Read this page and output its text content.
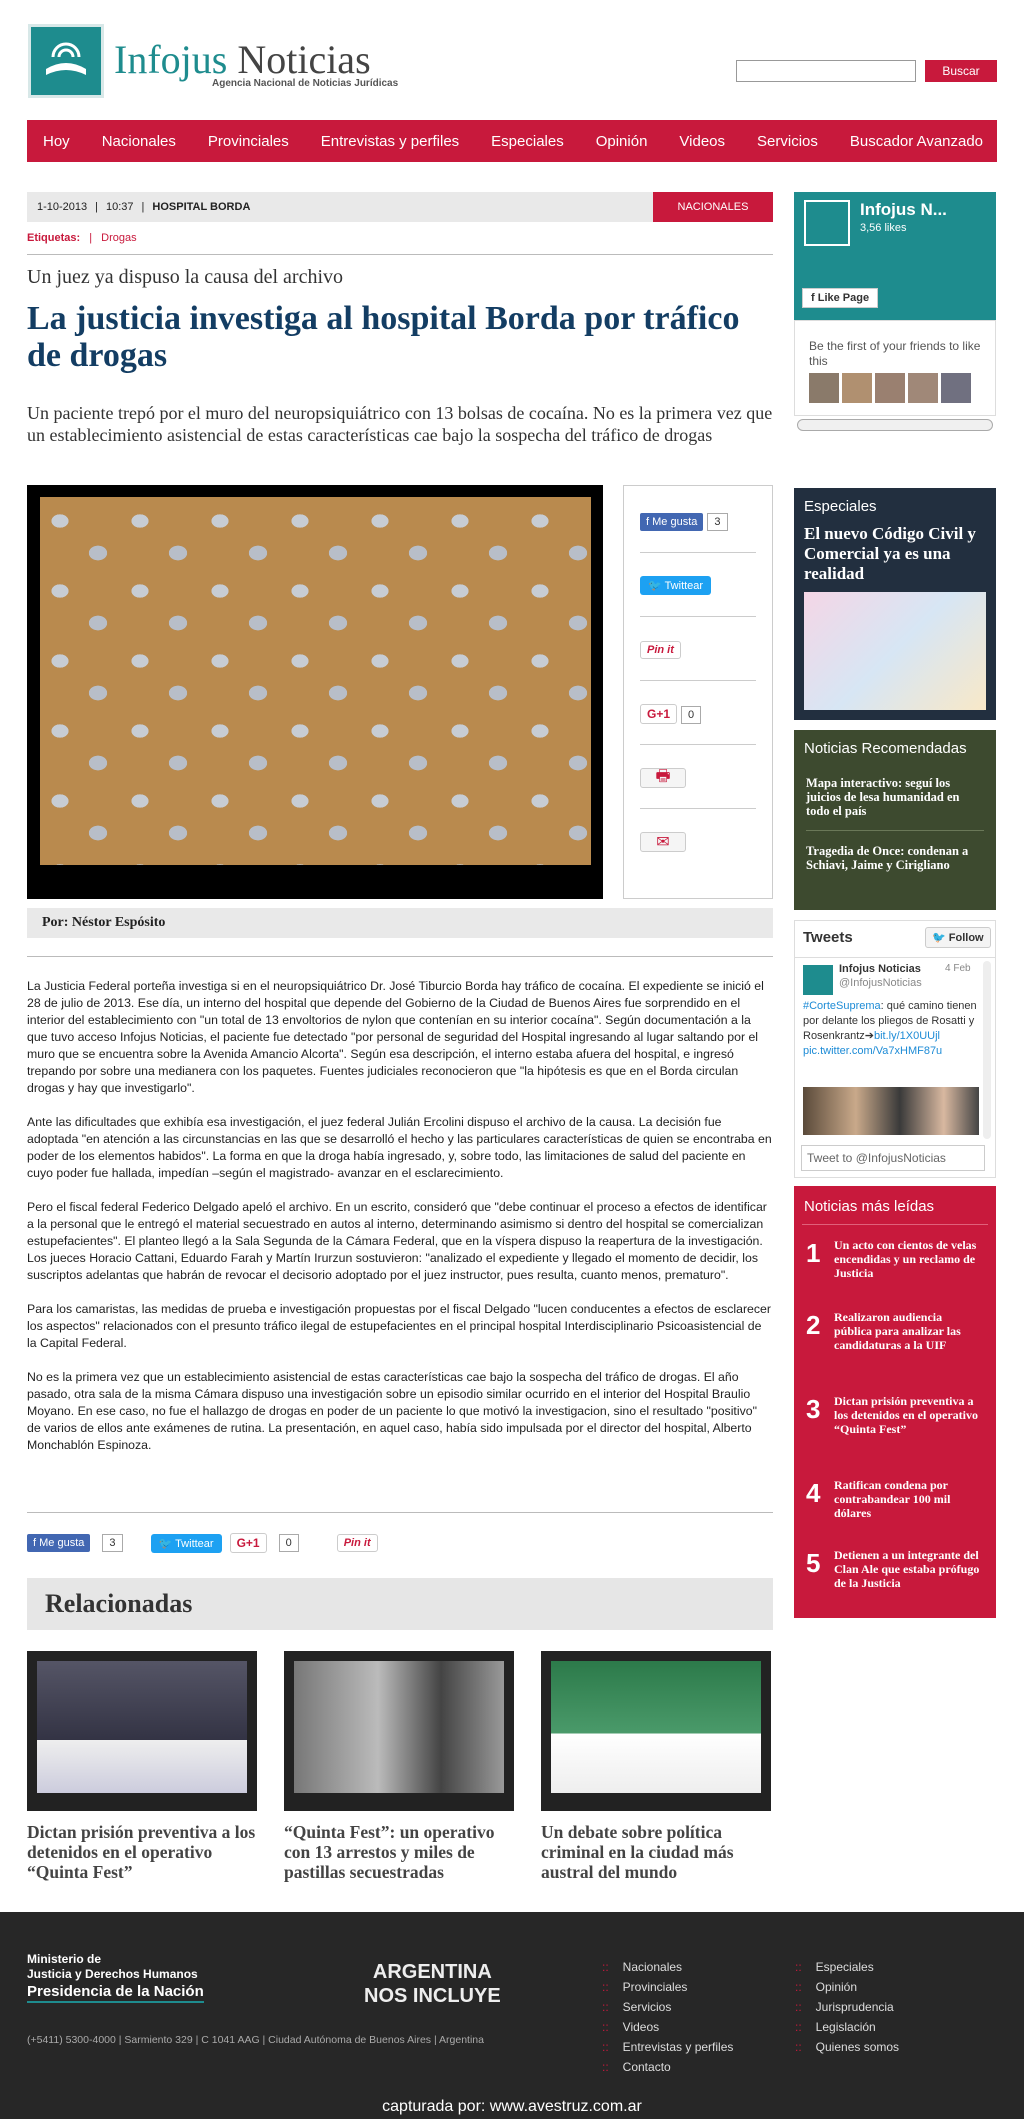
Infojus Noticias
Agencia Nacional de Noticias Jurídicas
Buscar
Hoy	Nacionales	Provinciales	Entrevistas y perfiles	Especiales	Opinión	Videos	Servicios	Buscador Avanzado
1-10-2013 | 10:37 | HOSPITAL BORDA	NACIONALES
Etiquetas: | Drogas
Un juez ya dispuso la causa del archivo
La justicia investiga al hospital Borda por tráfico de drogas
Un paciente trepó por el muro del neuropsiquiátrico con 13 bolsas de cocaína. No es la primera vez que un establecimiento asistencial de estas características cae bajo la sospecha del tráfico de drogas
f Me gusta 3
🐦 Twittear
Pin it
G+1 0
🖶
✉
Por: Néstor Espósito

La Justicia Federal porteña investiga si en el neuropsiquiátrico Dr. José Tiburcio Borda hay tráfico de cocaína. El expediente se inició el 28 de julio de 2013. Ese día, un interno del hospital que depende del Gobierno de la Ciudad de Buenos Aires fue sorprendido en el interior del establecimiento con "un total de 13 envoltorios de nylon que contenían en su interior cocaína". Según documentación a la que tuvo acceso Infojus Noticias, el paciente fue detectado "por personal de seguridad del Hospital ingresando al lugar saltando por el muro que se encuentra sobre la Avenida Amancio Alcorta". Según esa descripción, el interno estaba afuera del hospital, e ingresó trepando por sobre una medianera con los paquetes. Fuentes judiciales reconocieron que "la hipótesis es que en el Borda circulan drogas y hay que investigarlo".

Ante las dificultades que exhibía esa investigación, el juez federal Julián Ercolini dispuso el archivo de la causa. La decisión fue adoptada "en atención a las circunstancias en las que se desarrolló el hecho y las particulares características de quien se encontraba en poder de los elementos habidos". La forma en que la droga había ingresado, y, sobre todo, las limitaciones de salud del paciente en cuyo poder fue hallada, impedían –según el magistrado- avanzar en el esclarecimiento.

Pero el fiscal federal Federico Delgado apeló el archivo. En un escrito, consideró que "debe continuar el proceso a efectos de identificar a la personal que le entregó el material secuestrado en autos al interno, determinando asimismo si dentro del hospital se comercializan estupefacientes". El planteo llegó a la Sala Segunda de la Cámara Federal, que en la víspera dispuso la reapertura de la investigación. Los jueces Horacio Cattani, Eduardo Farah y Martín Irurzun sostuvieron: "analizado el expediente y llegado el momento de decidir, los suscriptos adelantas que habrán de revocar el decisorio adoptado por el juez instructor, pues resulta, cuanto menos, prematuro".

Para los camaristas, las medidas de prueba e investigación propuestas por el fiscal Delgado "lucen conducentes a efectos de esclarecer los aspectos" relacionados con el presunto tráfico ilegal de estupefacientes en el principal hospital Interdisciplinario Psicoasistencial de la Capital Federal.

No es la primera vez que un establecimiento asistencial de estas características cae bajo la sospecha del tráfico de drogas. El año pasado, otra sala de la misma Cámara dispuso una investigación sobre un episodio similar ocurrido en el interior del Hospital Braulio Moyano. En ese caso, no fue el hallazgo de drogas en poder de un paciente lo que motivó la investigacion, sino el resultado "positivo" de varios de ellos ante exámenes de rutina. La presentación, en aquel caso, había sido impulsada por el director del hospital, Alberto Monchablón Espinoza.

f Me gusta	3	🐦 Twittear	G+1	0	Pin it
Relacionadas
Dictan prisión preventiva a los detenidos en el operativo “Quinta Fest”
“Quinta Fest”: un operativo con 13 arrestos y miles de pastillas secuestradas
Un debate sobre política criminal en la ciudad más austral del mundo
Infojus N...
3,56 likes
f Like Page
Be the first of your friends to like this
Especiales
El nuevo Código Civil y Comercial ya es una realidad
Noticias Recomendadas
Mapa interactivo: seguí los juicios de lesa humanidad en todo el país
Tragedia de Once: condenan a Schiavi, Jaime y Cirigliano
Tweets	🐦 Follow
Infojus Noticias 4 Feb
@InfojusNoticias
#CorteSuprema: qué camino tienen por delante los pliegos de Rosatti y Rosenkrantz➔bit.ly/1X0UUjl pic.twitter.com/Va7xHMF87u
Tweet to @InfojusNoticias
Noticias más leídas
1 Un acto con cientos de velas encendidas y un reclamo de Justicia
2 Realizaron audiencia pública para analizar las candidaturas a la UIF
3 Dictan prisión preventiva a los detenidos en el operativo “Quinta Fest”
4 Ratifican condena por contrabandear 100 mil dólares
5 Detienen a un integrante del Clan Ale que estaba prófugo de la Justicia
Ministerio de
Justicia y Derechos Humanos
Presidencia de la Nación
ARGENTINA
NOS INCLUYE
(+5411) 5300-4000 | Sarmiento 329 | C 1041 AAG | Ciudad Autónoma de Buenos Aires | Argentina
:: Nacionales
:: Provinciales
:: Servicios
:: Videos
:: Entrevistas y perfiles
:: Contacto
:: Especiales
:: Opinión
:: Jurisprudencia
:: Legislación
:: Quienes somos
capturada por: www.avestruz.com.ar
